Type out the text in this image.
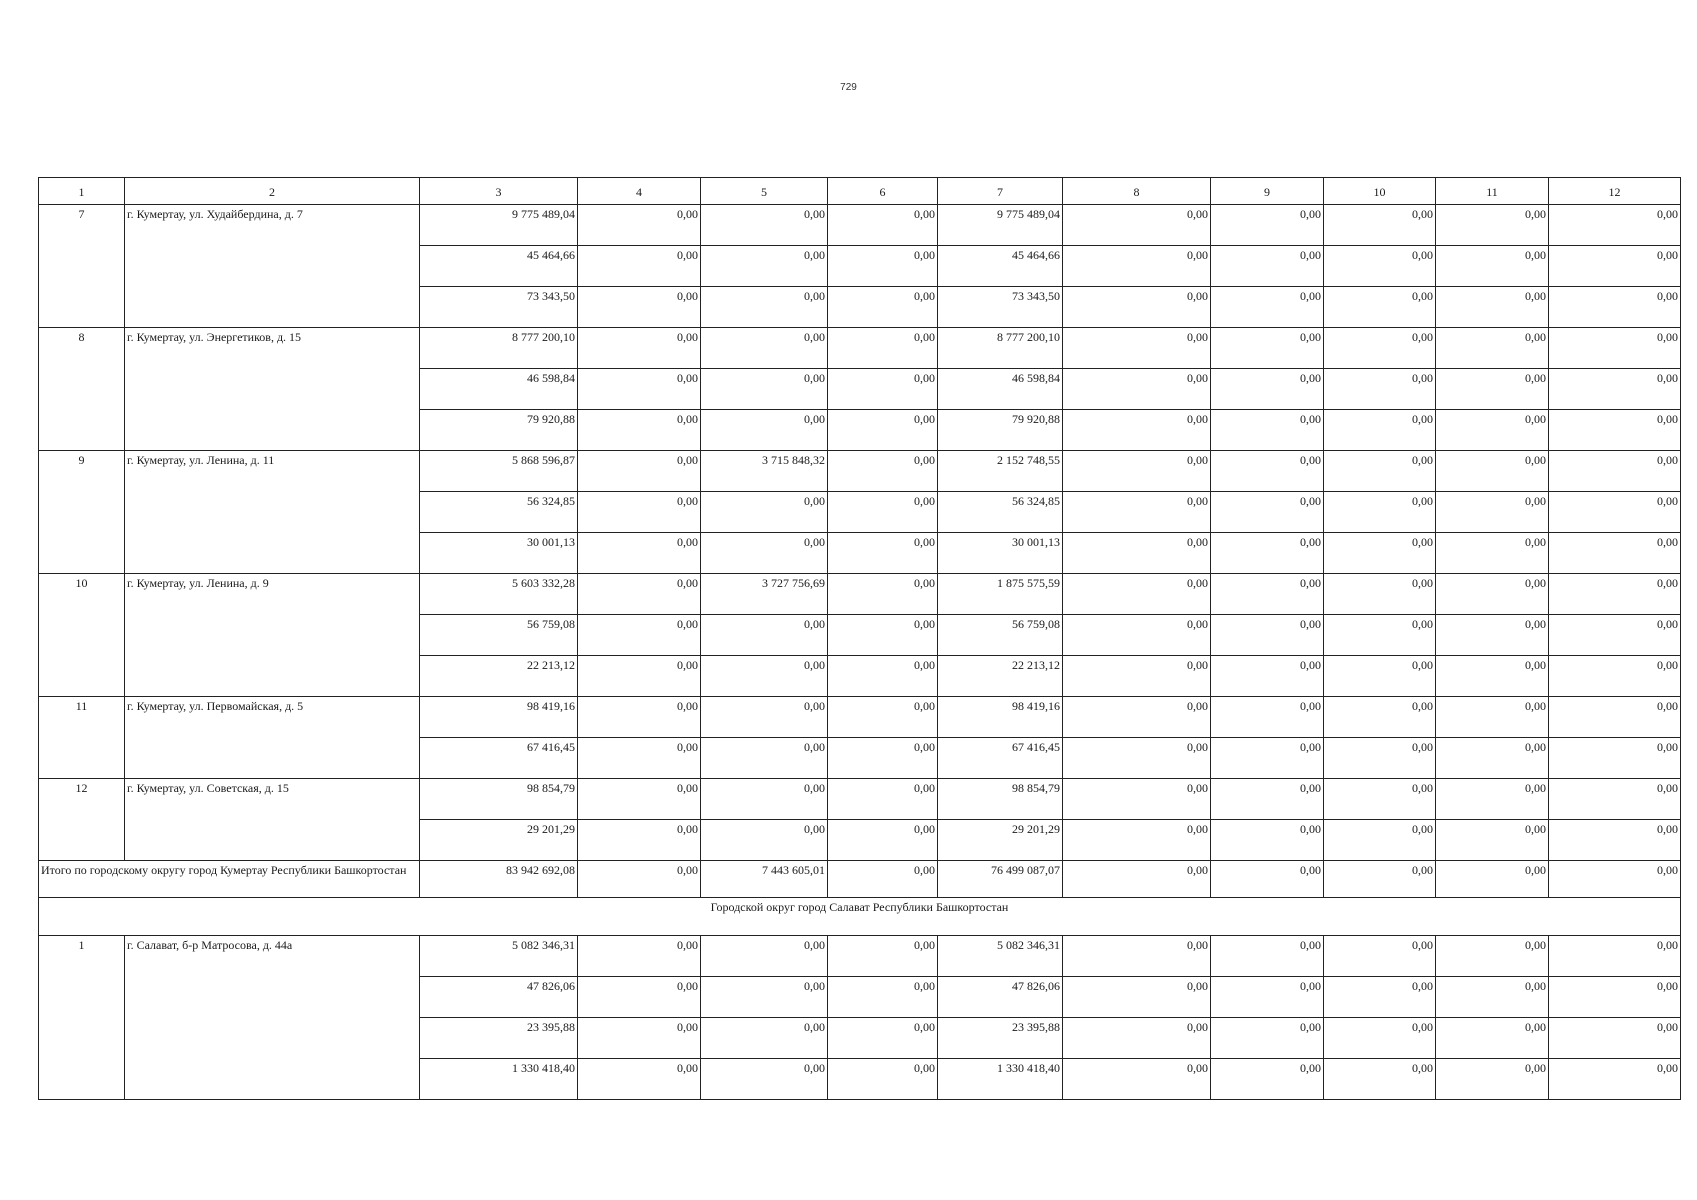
729
1	2	3	4	5	6	7	8	9	10	11	12
7	г. Кумертау, ул. Худайбердина, д. 7	9 775 489,04	0,00	0,00	0,00	9 775 489,04	0,00	0,00	0,00	0,00	0,00
		45 464,66	0,00	0,00	0,00	45 464,66	0,00	0,00	0,00	0,00	0,00
		73 343,50	0,00	0,00	0,00	73 343,50	0,00	0,00	0,00	0,00	0,00
8	г. Кумертау, ул. Энергетиков, д. 15	8 777 200,10	0,00	0,00	0,00	8 777 200,10	0,00	0,00	0,00	0,00	0,00
		46 598,84	0,00	0,00	0,00	46 598,84	0,00	0,00	0,00	0,00	0,00
		79 920,88	0,00	0,00	0,00	79 920,88	0,00	0,00	0,00	0,00	0,00
9	г. Кумертау, ул. Ленина, д. 11	5 868 596,87	0,00	3 715 848,32	0,00	2 152 748,55	0,00	0,00	0,00	0,00	0,00
		56 324,85	0,00	0,00	0,00	56 324,85	0,00	0,00	0,00	0,00	0,00
		30 001,13	0,00	0,00	0,00	30 001,13	0,00	0,00	0,00	0,00	0,00
10	г. Кумертау, ул. Ленина, д. 9	5 603 332,28	0,00	3 727 756,69	0,00	1 875 575,59	0,00	0,00	0,00	0,00	0,00
		56 759,08	0,00	0,00	0,00	56 759,08	0,00	0,00	0,00	0,00	0,00
		22 213,12	0,00	0,00	0,00	22 213,12	0,00	0,00	0,00	0,00	0,00
11	г. Кумертау, ул. Первомайская, д. 5	98 419,16	0,00	0,00	0,00	98 419,16	0,00	0,00	0,00	0,00	0,00
		67 416,45	0,00	0,00	0,00	67 416,45	0,00	0,00	0,00	0,00	0,00
12	г. Кумертау, ул. Советская, д. 15	98 854,79	0,00	0,00	0,00	98 854,79	0,00	0,00	0,00	0,00	0,00
		29 201,29	0,00	0,00	0,00	29 201,29	0,00	0,00	0,00	0,00	0,00
Итого по городскому округу город Кумертау Республики Башкортостан		83 942 692,08	0,00	7 443 605,01	0,00	76 499 087,07	0,00	0,00	0,00	0,00	0,00
Городской округ город Салават Республики Башкортостан											
1	г. Салават, б-р Матросова, д. 44а	5 082 346,31	0,00	0,00	0,00	5 082 346,31	0,00	0,00	0,00	0,00	0,00
		47 826,06	0,00	0,00	0,00	47 826,06	0,00	0,00	0,00	0,00	0,00
		23 395,88	0,00	0,00	0,00	23 395,88	0,00	0,00	0,00	0,00	0,00
		1 330 418,40	0,00	0,00	0,00	1 330 418,40	0,00	0,00	0,00	0,00	0,00
